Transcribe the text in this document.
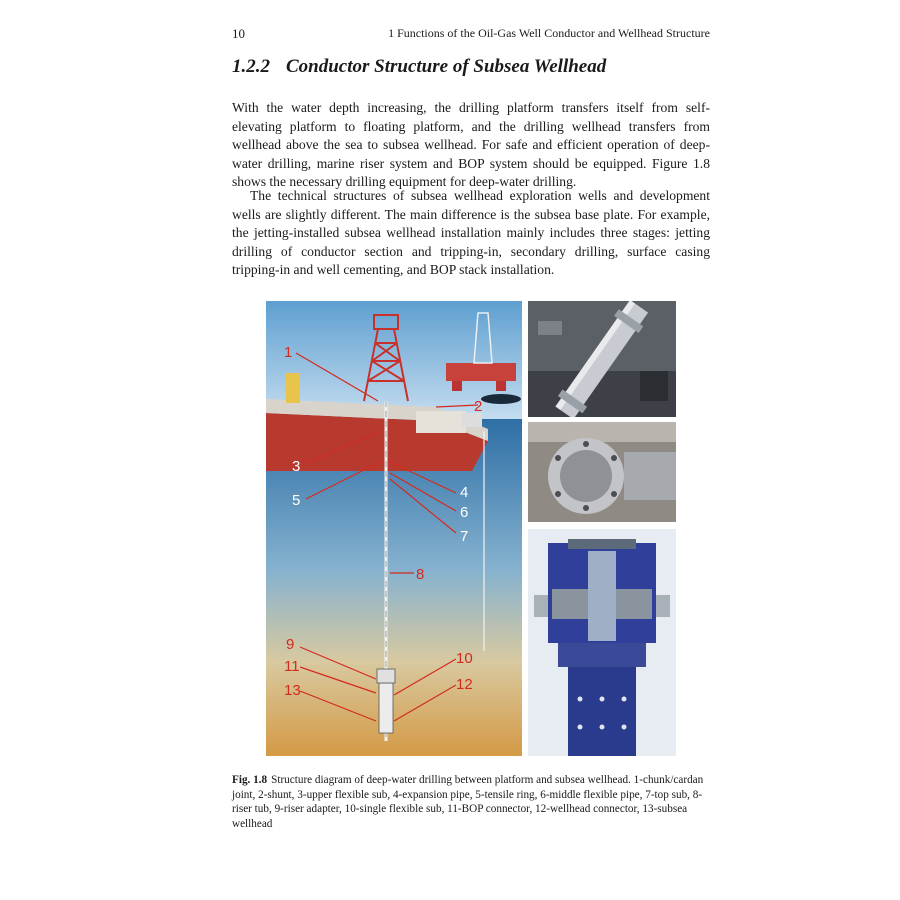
10	1 Functions of the Oil-Gas Well Conductor and Wellhead Structure
1.2.2 Conductor Structure of Subsea Wellhead

With the water depth increasing, the drilling platform transfers itself from self-elevating platform to floating platform, and the drilling wellhead transfers from wellhead above the sea to subsea wellhead. For safe and efficient operation of deep-water drilling, marine riser system and BOP system should be equipped. Figure 1.8 shows the necessary drilling equipment for deep-water drilling.

The technical structures of subsea wellhead exploration wells and development wells are slightly different. The main difference is the subsea base plate. For example, the jetting-installed subsea wellhead installation mainly includes three stages: jetting drilling of conductor section and tripping-in, secondary drilling, surface casing tripping-in and well cementing, and BOP stack installation.

1
2
3
5	4
6
7
8
9
11
13
10
12

Fig. 1.8 Structure diagram of deep-water drilling between platform and subsea wellhead. 1-chunk/cardan joint, 2-shunt, 3-upper flexible sub, 4-expansion pipe, 5-tensile ring, 6-middle flexible pipe, 7-top sub, 8-riser tub, 9-riser adapter, 10-single flexible sub, 11-BOP connector, 12-wellhead connector, 13-subsea wellhead
